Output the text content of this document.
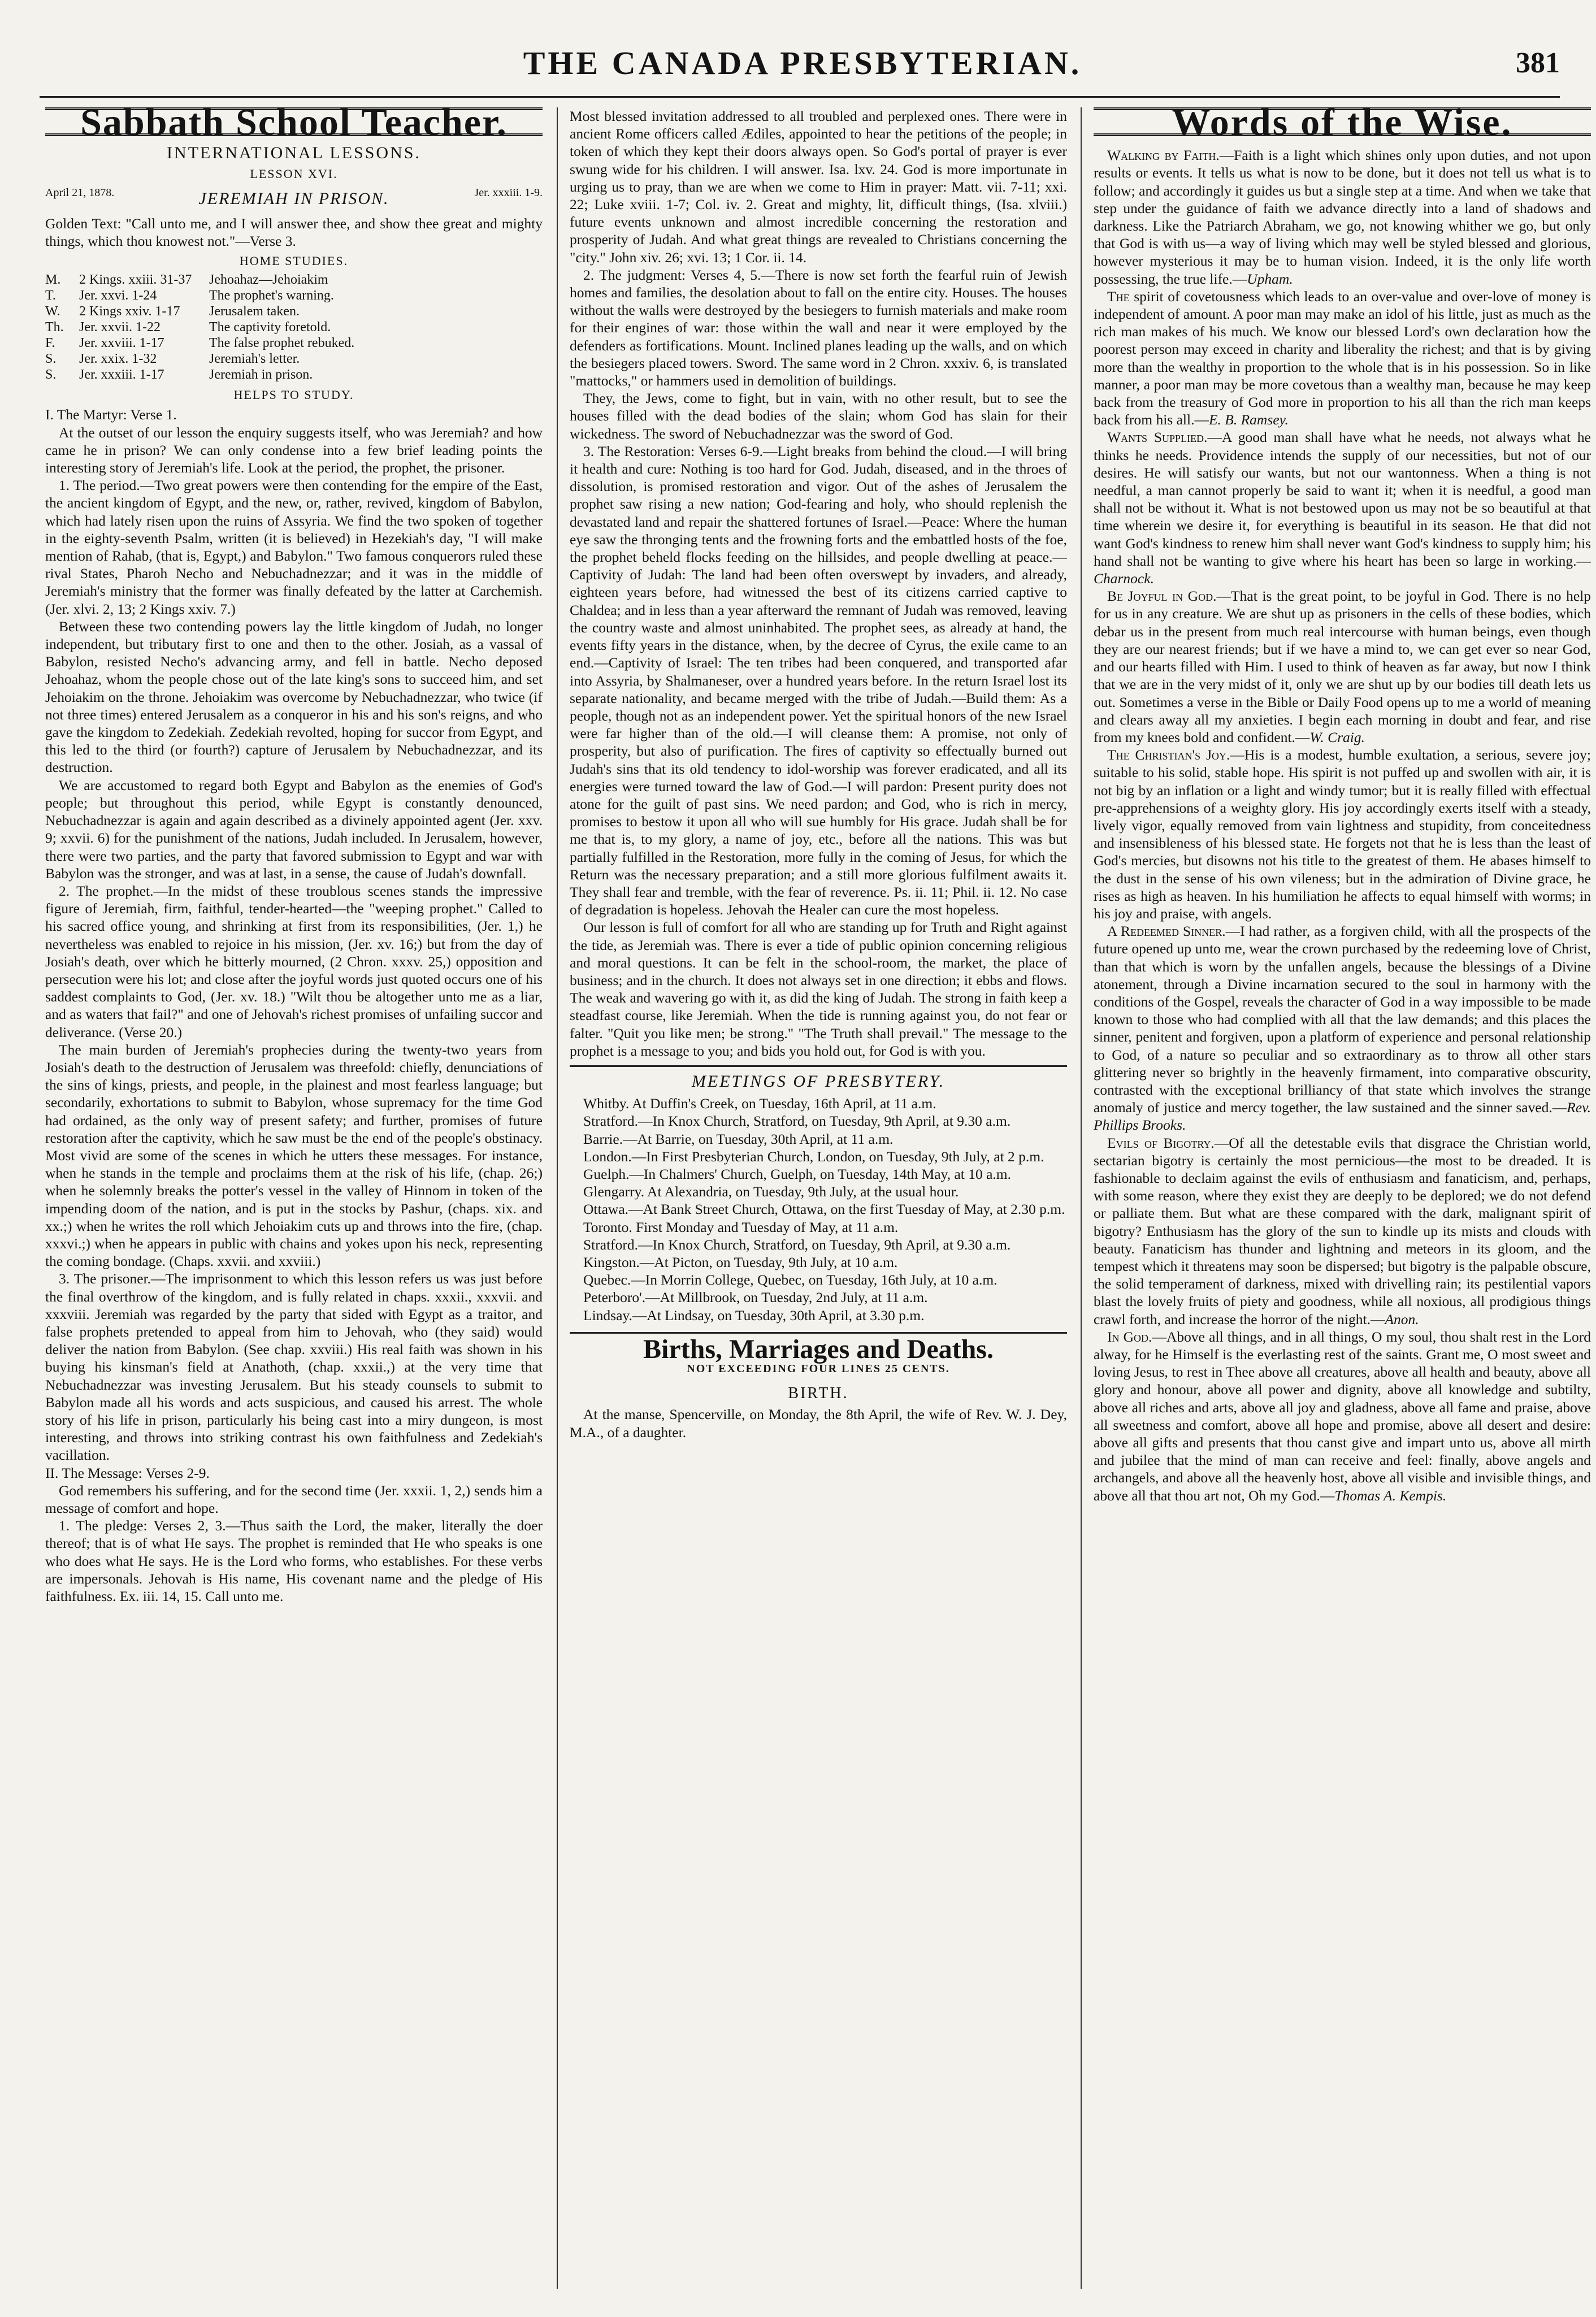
THE CANADA PRESBYTERIAN.	381
Sabbath School Teacher.
INTERNATIONAL LESSONS.
LESSON XVI.
April 21, 1878.	JEREMIAH IN PRISON.	Jer. xxxiii. 1-9.

Golden Text: "Call unto me, and I will answer thee, and show thee great and mighty things, which thou knowest not."—Verse 3.

HOME STUDIES.
M.	2 Kings. xxiii. 31-37	Jehoahaz—Jehoiakim
T.	Jer. xxvi. 1-24	The prophet's warning.
W.	2 Kings xxiv. 1-17	Jerusalem taken.
Th.	Jer. xxvii. 1-22	The captivity foretold.
F.	Jer. xxviii. 1-17	The false prophet rebuked.
S.	Jer. xxix. 1-32	Jeremiah's letter.
S.	Jer. xxxiii. 1-17	Jeremiah in prison.
HELPS TO STUDY.

I. The Martyr: Verse 1.

At the outset of our lesson the enquiry suggests itself, who was Jeremiah? and how came he in prison? We can only condense into a few brief leading points the interesting story of Jeremiah's life. Look at the period, the prophet, the prisoner.

1. The period.—Two great powers were then contending for the empire of the East, the ancient kingdom of Egypt, and the new, or, rather, revived, kingdom of Babylon, which had lately risen upon the ruins of Assyria. We find the two spoken of together in the eighty-seventh Psalm, written (it is believed) in Hezekiah's day, "I will make mention of Rahab, (that is, Egypt,) and Babylon." Two famous conquerors ruled these rival States, Pharoh Necho and Nebuchadnezzar; and it was in the middle of Jeremiah's ministry that the former was finally defeated by the latter at Carchemish. (Jer. xlvi. 2, 13; 2 Kings xxiv. 7.)

Between these two contending powers lay the little kingdom of Judah, no longer independent, but tributary first to one and then to the other. Josiah, as a vassal of Babylon, resisted Necho's advancing army, and fell in battle. Necho deposed Jehoahaz, whom the people chose out of the late king's sons to succeed him, and set Jehoiakim on the throne. Jehoiakim was overcome by Nebuchadnezzar, who twice (if not three times) entered Jerusalem as a conqueror in his and his son's reigns, and who gave the kingdom to Zedekiah. Zedekiah revolted, hoping for succor from Egypt, and this led to the third (or fourth?) capture of Jerusalem by Nebuchadnezzar, and its destruction.

We are accustomed to regard both Egypt and Babylon as the enemies of God's people; but throughout this period, while Egypt is constantly denounced, Nebuchadnezzar is again and again described as a divinely appointed agent (Jer. xxv. 9; xxvii. 6) for the punishment of the nations, Judah included. In Jerusalem, however, there were two parties, and the party that favored submission to Egypt and war with Babylon was the stronger, and was at last, in a sense, the cause of Judah's downfall.

2. The prophet.—In the midst of these troublous scenes stands the impressive figure of Jeremiah, firm, faithful, tender-hearted—the "weeping prophet." Called to his sacred office young, and shrinking at first from its responsibilities, (Jer. 1,) he nevertheless was enabled to rejoice in his mission, (Jer. xv. 16;) but from the day of Josiah's death, over which he bitterly mourned, (2 Chron. xxxv. 25,) opposition and persecution were his lot; and close after the joyful words just quoted occurs one of his saddest complaints to God, (Jer. xv. 18.) "Wilt thou be altogether unto me as a liar, and as waters that fail?" and one of Jehovah's richest promises of unfailing succor and deliverance. (Verse 20.)

The main burden of Jeremiah's prophecies during the twenty-two years from Josiah's death to the destruction of Jerusalem was threefold: chiefly, denunciations of the sins of kings, priests, and people, in the plainest and most fearless language; but secondarily, exhortations to submit to Babylon, whose supremacy for the time God had ordained, as the only way of present safety; and further, promises of future restoration after the captivity, which he saw must be the end of the people's obstinacy. Most vivid are some of the scenes in which he utters these messages. For instance, when he stands in the temple and proclaims them at the risk of his life, (chap. 26;) when he solemnly breaks the potter's vessel in the valley of Hinnom in token of the impending doom of the nation, and is put in the stocks by Pashur, (chaps. xix. and xx.;) when he writes the roll which Jehoiakim cuts up and throws into the fire, (chap. xxxvi.;) when he appears in public with chains and yokes upon his neck, representing the coming bondage. (Chaps. xxvii. and xxviii.)

3. The prisoner.—The imprisonment to which this lesson refers us was just before the final overthrow of the kingdom, and is fully related in chaps. xxxii., xxxvii. and xxxviii. Jeremiah was regarded by the party that sided with Egypt as a traitor, and false prophets pretended to appeal from him to Jehovah, who (they said) would deliver the nation from Babylon. (See chap. xxviii.) His real faith was shown in his buying his kinsman's field at Anathoth, (chap. xxxii.,) at the very time that Nebuchadnezzar was investing Jerusalem. But his steady counsels to submit to Babylon made all his words and acts suspicious, and caused his arrest. The whole story of his life in prison, particularly his being cast into a miry dungeon, is most interesting, and throws into striking contrast his own faithfulness and Zedekiah's vacillation.

II. The Message: Verses 2-9.

God remembers his suffering, and for the second time (Jer. xxxii. 1, 2,) sends him a message of comfort and hope.

1. The pledge: Verses 2, 3.—Thus saith the Lord, the maker, literally the doer thereof; that is of what He says. The prophet is reminded that He who speaks is one who does what He says. He is the Lord who forms, who establishes. For these verbs are impersonals. Jehovah is His name, His covenant name and the pledge of His faithfulness. Ex. iii. 14, 15. Call unto me.

Most blessed invitation addressed to all troubled and perplexed ones. There were in ancient Rome officers called Ædiles, appointed to hear the petitions of the people; in token of which they kept their doors always open. So God's portal of prayer is ever swung wide for his children. I will answer. Isa. lxv. 24. God is more importunate in urging us to pray, than we are when we come to Him in prayer: Matt. vii. 7-11; xxi. 22; Luke xviii. 1-7; Col. iv. 2. Great and mighty, lit, difficult things, (Isa. xlviii.) future events unknown and almost incredible concerning the restoration and prosperity of Judah. And what great things are revealed to Christians concerning the "city." John xiv. 26; xvi. 13; 1 Cor. ii. 14.

2. The judgment: Verses 4, 5.—There is now set forth the fearful ruin of Jewish homes and families, the desolation about to fall on the entire city. Houses. The houses without the walls were destroyed by the besiegers to furnish materials and make room for their engines of war: those within the wall and near it were employed by the defenders as fortifications. Mount. Inclined planes leading up the walls, and on which the besiegers placed towers. Sword. The same word in 2 Chron. xxxiv. 6, is translated "mattocks," or hammers used in demolition of buildings.

They, the Jews, come to fight, but in vain, with no other result, but to see the houses filled with the dead bodies of the slain; whom God has slain for their wickedness. The sword of Nebuchadnezzar was the sword of God.

3. The Restoration: Verses 6-9.—Light breaks from behind the cloud.—I will bring it health and cure: Nothing is too hard for God. Judah, diseased, and in the throes of dissolution, is promised restoration and vigor. Out of the ashes of Jerusalem the prophet saw rising a new nation; God-fearing and holy, who should replenish the devastated land and repair the shattered fortunes of Israel.—Peace: Where the human eye saw the thronging tents and the frowning forts and the embattled hosts of the foe, the prophet beheld flocks feeding on the hillsides, and people dwelling at peace.—Captivity of Judah: The land had been often overswept by invaders, and already, eighteen years before, had witnessed the best of its citizens carried captive to Chaldea; and in less than a year afterward the remnant of Judah was removed, leaving the country waste and almost uninhabited. The prophet sees, as already at hand, the events fifty years in the distance, when, by the decree of Cyrus, the exile came to an end.—Captivity of Israel: The ten tribes had been conquered, and transported afar into Assyria, by Shalmaneser, over a hundred years before. In the return Israel lost its separate nationality, and became merged with the tribe of Judah.—Build them: As a people, though not as an independent power. Yet the spiritual honors of the new Israel were far higher than of the old.—I will cleanse them: A promise, not only of prosperity, but also of purification. The fires of captivity so effectually burned out Judah's sins that its old tendency to idol-worship was forever eradicated, and all its energies were turned toward the law of God.—I will pardon: Present purity does not atone for the guilt of past sins. We need pardon; and God, who is rich in mercy, promises to bestow it upon all who will sue humbly for His grace. Judah shall be for me that is, to my glory, a name of joy, etc., before all the nations. This was but partially fulfilled in the Restoration, more fully in the coming of Jesus, for which the Return was the necessary preparation; and a still more glorious fulfilment awaits it. They shall fear and tremble, with the fear of reverence. Ps. ii. 11; Phil. ii. 12. No case of degradation is hopeless. Jehovah the Healer can cure the most hopeless.

Our lesson is full of comfort for all who are standing up for Truth and Right against the tide, as Jeremiah was. There is ever a tide of public opinion concerning religious and moral questions. It can be felt in the school-room, the market, the place of business; and in the church. It does not always set in one direction; it ebbs and flows. The weak and wavering go with it, as did the king of Judah. The strong in faith keep a steadfast course, like Jeremiah. When the tide is running against you, do not fear or falter. "Quit you like men; be strong." "The Truth shall prevail." The message to the prophet is a message to you; and bids you hold out, for God is with you.

MEETINGS OF PRESBYTERY.

Whitby. At Duffin's Creek, on Tuesday, 16th April, at 11 a.m.

Stratford.—In Knox Church, Stratford, on Tuesday, 9th April, at 9.30 a.m.

Barrie.—At Barrie, on Tuesday, 30th April, at 11 a.m.

London.—In First Presbyterian Church, London, on Tuesday, 9th July, at 2 p.m.

Guelph.—In Chalmers' Church, Guelph, on Tuesday, 14th May, at 10 a.m.

Glengarry. At Alexandria, on Tuesday, 9th July, at the usual hour.

Ottawa.—At Bank Street Church, Ottawa, on the first Tuesday of May, at 2.30 p.m.

Toronto. First Monday and Tuesday of May, at 11 a.m.

Stratford.—In Knox Church, Stratford, on Tuesday, 9th April, at 9.30 a.m.

Kingston.—At Picton, on Tuesday, 9th July, at 10 a.m.

Quebec.—In Morrin College, Quebec, on Tuesday, 16th July, at 10 a.m.

Peterboro'.—At Millbrook, on Tuesday, 2nd July, at 11 a.m.

Lindsay.—At Lindsay, on Tuesday, 30th April, at 3.30 p.m.

Births, Marriages and Deaths.
NOT EXCEEDING FOUR LINES 25 CENTS.
BIRTH.

At the manse, Spencerville, on Monday, the 8th April, the wife of Rev. W. J. Dey, M.A., of a daughter.

Words of the Wise.

Walking by Faith.—Faith is a light which shines only upon duties, and not upon results or events. It tells us what is now to be done, but it does not tell us what is to follow; and accordingly it guides us but a single step at a time. And when we take that step under the guidance of faith we advance directly into a land of shadows and darkness. Like the Patriarch Abraham, we go, not knowing whither we go, but only that God is with us—a way of living which may well be styled blessed and glorious, however mysterious it may be to human vision. Indeed, it is the only life worth possessing, the true life.—Upham.

The spirit of covetousness which leads to an over-value and over-love of money is independent of amount. A poor man may make an idol of his little, just as much as the rich man makes of his much. We know our blessed Lord's own declaration how the poorest person may exceed in charity and liberality the richest; and that is by giving more than the wealthy in proportion to the whole that is in his possession. So in like manner, a poor man may be more covetous than a wealthy man, because he may keep back from the treasury of God more in proportion to his all than the rich man keeps back from his all.—E. B. Ramsey.

Wants Supplied.—A good man shall have what he needs, not always what he thinks he needs. Providence intends the supply of our necessities, but not of our desires. He will satisfy our wants, but not our wantonness. When a thing is not needful, a man cannot properly be said to want it; when it is needful, a good man shall not be without it. What is not bestowed upon us may not be so beautiful at that time wherein we desire it, for everything is beautiful in its season. He that did not want God's kindness to renew him shall never want God's kindness to supply him; his hand shall not be wanting to give where his heart has been so large in working.—Charnock.

Be Joyful in God.—That is the great point, to be joyful in God. There is no help for us in any creature. We are shut up as prisoners in the cells of these bodies, which debar us in the present from much real intercourse with human beings, even though they are our nearest friends; but if we have a mind to, we can get ever so near God, and our hearts filled with Him. I used to think of heaven as far away, but now I think that we are in the very midst of it, only we are shut up by our bodies till death lets us out. Sometimes a verse in the Bible or Daily Food opens up to me a world of meaning and clears away all my anxieties. I begin each morning in doubt and fear, and rise from my knees bold and confident.—W. Craig.

The Christian's Joy.—His is a modest, humble exultation, a serious, severe joy; suitable to his solid, stable hope. His spirit is not puffed up and swollen with air, it is not big by an inflation or a light and windy tumor; but it is really filled with effectual pre-apprehensions of a weighty glory. His joy accordingly exerts itself with a steady, lively vigor, equally removed from vain lightness and stupidity, from conceitedness and insensibleness of his blessed state. He forgets not that he is less than the least of God's mercies, but disowns not his title to the greatest of them. He abases himself to the dust in the sense of his own vileness; but in the admiration of Divine grace, he rises as high as heaven. In his humiliation he affects to equal himself with worms; in his joy and praise, with angels.

A Redeemed Sinner.—I had rather, as a forgiven child, with all the prospects of the future opened up unto me, wear the crown purchased by the redeeming love of Christ, than that which is worn by the unfallen angels, because the blessings of a Divine atonement, through a Divine incarnation secured to the soul in harmony with the conditions of the Gospel, reveals the character of God in a way impossible to be made known to those who had complied with all that the law demands; and this places the sinner, penitent and forgiven, upon a platform of experience and personal relationship to God, of a nature so peculiar and so extraordinary as to throw all other stars glittering never so brightly in the heavenly firmament, into comparative obscurity, contrasted with the exceptional brilliancy of that state which involves the strange anomaly of justice and mercy together, the law sustained and the sinner saved.—Rev. Phillips Brooks.

Evils of Bigotry.—Of all the detestable evils that disgrace the Christian world, sectarian bigotry is certainly the most pernicious—the most to be dreaded. It is fashionable to declaim against the evils of enthusiasm and fanaticism, and, perhaps, with some reason, where they exist they are deeply to be deplored; we do not defend or palliate them. But what are these compared with the dark, malignant spirit of bigotry? Enthusiasm has the glory of the sun to kindle up its mists and clouds with beauty. Fanaticism has thunder and lightning and meteors in its gloom, and the tempest which it threatens may soon be dispersed; but bigotry is the palpable obscure, the solid temperament of darkness, mixed with drivelling rain; its pestilential vapors blast the lovely fruits of piety and goodness, while all noxious, all prodigious things crawl forth, and increase the horror of the night.—Anon.

In God.—Above all things, and in all things, O my soul, thou shalt rest in the Lord alway, for he Himself is the everlasting rest of the saints. Grant me, O most sweet and loving Jesus, to rest in Thee above all creatures, above all health and beauty, above all glory and honour, above all power and dignity, above all knowledge and subtilty, above all riches and arts, above all joy and gladness, above all fame and praise, above all sweetness and comfort, above all hope and promise, above all desert and desire: above all gifts and presents that thou canst give and impart unto us, above all mirth and jubilee that the mind of man can receive and feel: finally, above angels and archangels, and above all the heavenly host, above all visible and invisible things, and above all that thou art not, Oh my God.—Thomas A. Kempis.
